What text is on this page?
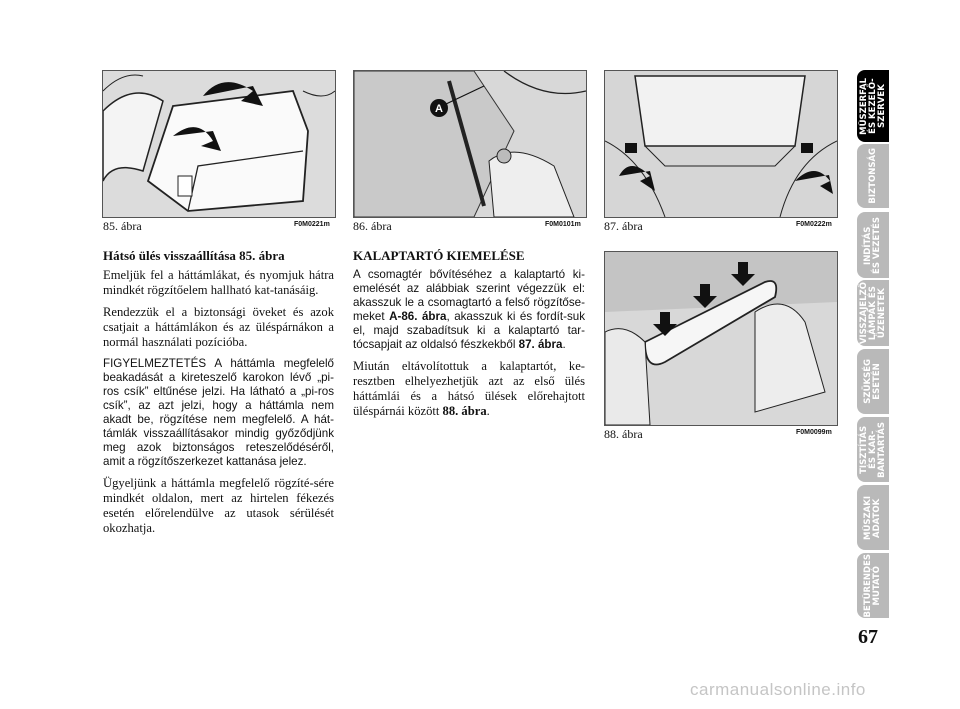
85. ábra	F0M0221m
A
86. ábra	F0M0101m 87. ábra	F0M0222m
88. ábra	F0M0099m
Hátsó ülés visszaállítása 85. ábra

Emeljük fel a háttámlákat, és nyomjuk hátra mindkét rögzítőelem hallható kat-tanásáig.

Rendezzük el a biztonsági öveket és azok csatjait a háttámlákon és az üléspárnákon a normál használati pozícióba.

FIGYELMEZTETÉS A háttámla megfelelő beakadását a kireteszelő karokon lévő „pi-ros csík” eltűnése jelzi. Ha látható a „pi-ros csík”, az azt jelzi, hogy a háttámla nem akadt be, rögzítése nem megfelelő. A hát-támlák visszaállításakor mindig győződjünk meg azok biztonságos reteszelődéséről, amit a rögzítőszerkezet kattanása jelez.

Ügyeljünk a háttámla megfelelő rögzíté-sére mindkét oldalon, mert az hirtelen fékezés esetén előrelendülve az utasok sérülését okozhatja.

KALAPTARTÓ KIEMELÉSE

A csomagtér bővítéséhez a kalaptartó ki-emelését az alábbiak szerint végezzük el: akasszuk le a csomagtartó a felső rögzítőse-meket A-86. ábra, akasszuk ki és fordít-suk el, majd szabadítsuk ki a kalaptartó tar-tócsapjait az oldalsó fészkekből 87. ábra.

Miután eltávolítottuk a kalaptartót, ke-resztben elhelyezhetjük azt az első ülés háttámlái és a hátsó ülések előrehajtott üléspárnái között 88. ábra.

MŰSZERFAL
ÉS KEZELŐ-
SZERVEK
BIZTONSÁG
INDÍTÁS
ÉS VEZETÉS
VISSZAJELZŐ
LÁMPÁK ÉS
ÜZENETEK
SZÜKSÉG
ESETÉN
TISZTÍTÁS
ÉS KAR-
BANTARTÁS
MŰSZAKI
ADATOK
BETŰRENDES
MUTATÓ
67
carmanualsonline.info
